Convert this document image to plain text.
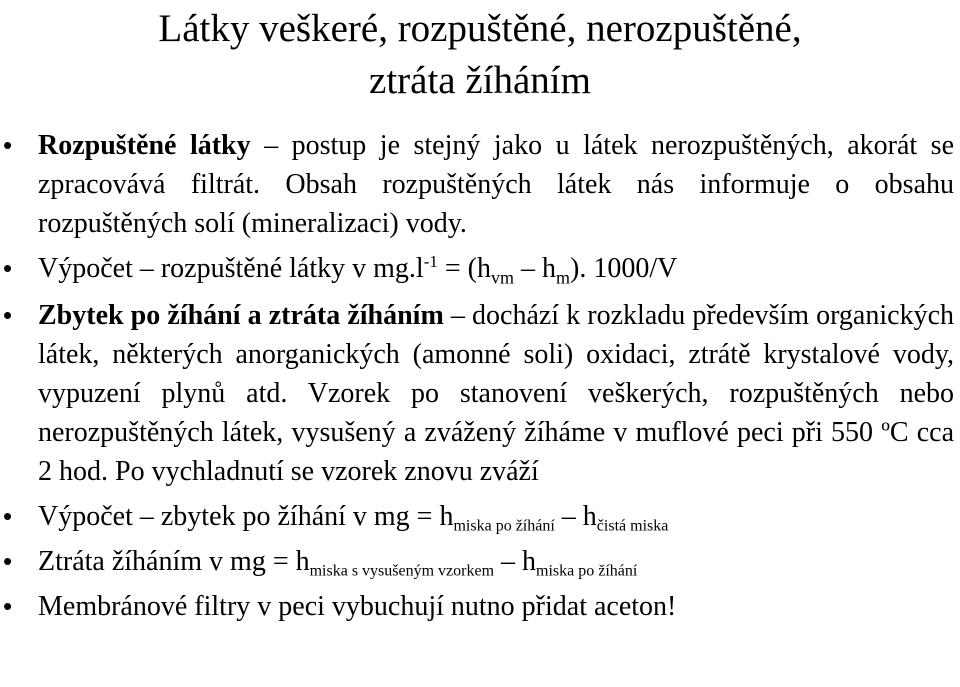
Látky veškeré, rozpuštěné, nerozpuštěné,
ztráta žíháním
• Rozpuštěné látky – postup je stejný jako u látek nerozpuštěných, akorát se zpracovává filtrát. Obsah rozpuštěných látek nás informuje o obsahu rozpuštěných solí (mineralizaci) vody.
• Výpočet – rozpuštěné látky v $mg.l^{-1} = (h_{vm} - h_m)$. 1000/V
• Zbytek po žíhání a ztráta žíháním – dochází k rozkladu především organických látek, některých anorganických (amonné soli) oxidaci, ztrátě krystalové vody, vypuzení plynů atd. Vzorek po stanovení veškerých, rozpuštěných nebo nerozpuštěných látek, vysušený a zvážený žíháme v muflové peci při 550 ºC cca 2 hod. Po vychladnutí se vzorek znovu zváží
• Výpočet – zbytek po žíhání v mg = $h_{miska po žíhání} - h_{čistá miska}$
• Ztráta žíháním v mg = $h_{miska s vysušeným vzorkem} - h_{miska po žíhání}$
• Membránové filtry v peci vybuchují nutno přidat aceton!
